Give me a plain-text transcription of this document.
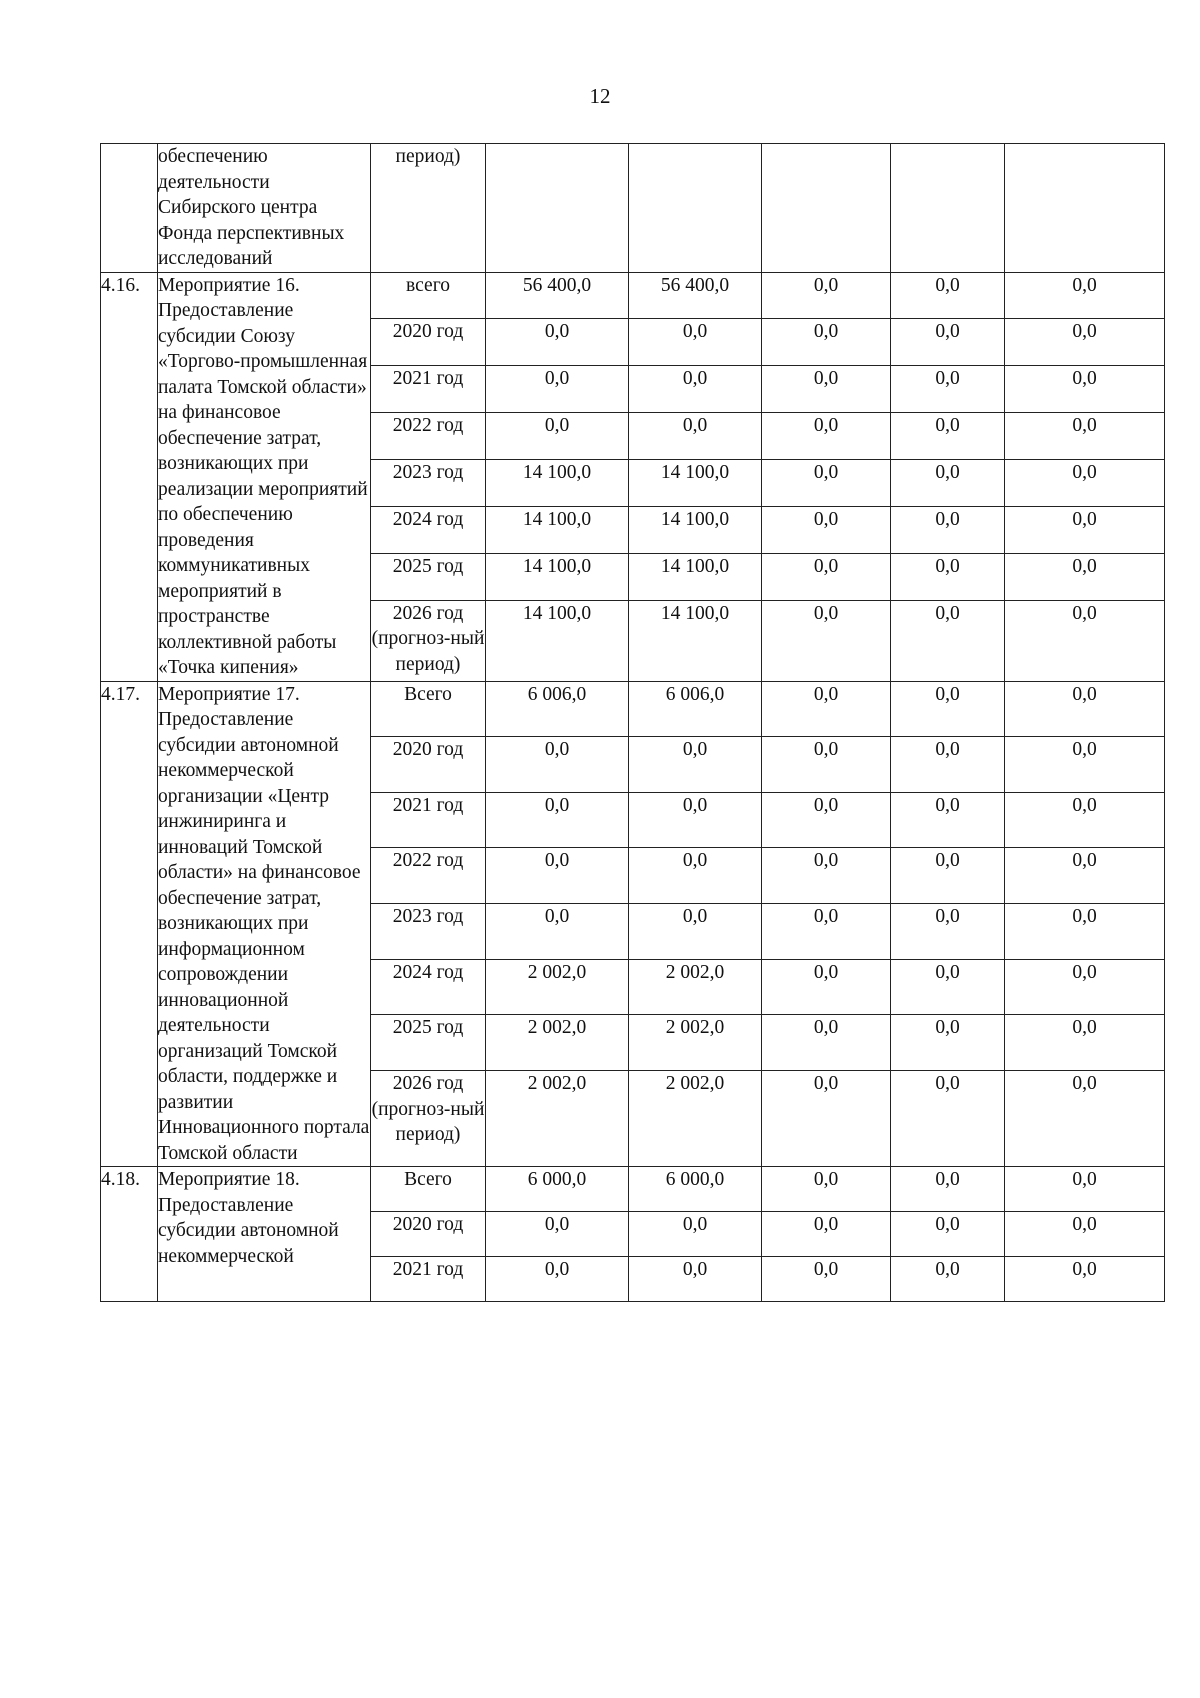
12
	обеспечению деятельности Сибирского центра Фонда перспективных исследований	период)					
4.16.	Мероприятие 16. Предоставление субсидии Союзу «Торгово-промышленная палата Томской области» на финансовое обеспечение затрат, возникающих при реализации мероприятий по обеспечению проведения коммуникативных мероприятий в пространстве коллективной работы «Точка кипения»	всего	56 400,0	56 400,0	0,0	0,0	0,0
		2020 год	0,0	0,0	0,0	0,0	0,0
		2021 год	0,0	0,0	0,0	0,0	0,0
		2022 год	0,0	0,0	0,0	0,0	0,0
		2023 год	14 100,0	14 100,0	0,0	0,0	0,0
		2024 год	14 100,0	14 100,0	0,0	0,0	0,0
		2025 год	14 100,0	14 100,0	0,0	0,0	0,0
		2026 год (прогноз-ный период)	14 100,0	14 100,0	0,0	0,0	0,0
4.17.	Мероприятие 17. Предоставление субсидии автономной некоммерческой организации «Центр инжиниринга и инноваций Томской области» на финансовое обеспечение затрат, возникающих при информационном сопровождении инновационной деятельности организаций Томской области, поддержке и развитии Инновационного портала Томской области	Всего	6 006,0	6 006,0	0,0	0,0	0,0
		2020 год	0,0	0,0	0,0	0,0	0,0
		2021 год	0,0	0,0	0,0	0,0	0,0
		2022 год	0,0	0,0	0,0	0,0	0,0
		2023 год	0,0	0,0	0,0	0,0	0,0
		2024 год	2 002,0	2 002,0	0,0	0,0	0,0
		2025 год	2 002,0	2 002,0	0,0	0,0	0,0
		2026 год (прогноз-ный период)	2 002,0	2 002,0	0,0	0,0	0,0
4.18.	Мероприятие 18. Предоставление субсидии автономной некоммерческой	Всего	6 000,0	6 000,0	0,0	0,0	0,0
		2020 год	0,0	0,0	0,0	0,0	0,0
		2021 год	0,0	0,0	0,0	0,0	0,0
